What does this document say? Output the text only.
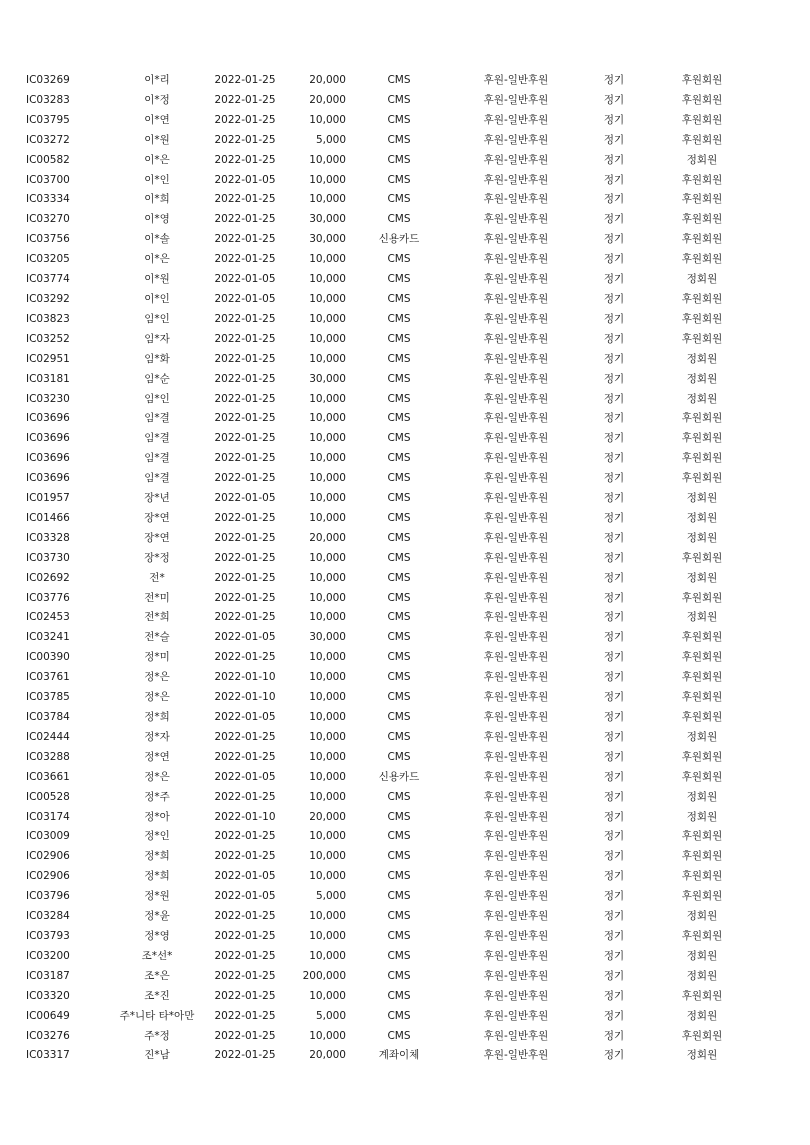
IC03269	이*리	2022-01-25	20,000	CMS	후원-일반후원	정기	후원회원
IC03283	이*정	2022-01-25	20,000	CMS	후원-일반후원	정기	후원회원
IC03795	이*연	2022-01-25	10,000	CMS	후원-일반후원	정기	후원회원
IC03272	이*원	2022-01-25	5,000	CMS	후원-일반후원	정기	후원회원
IC00582	이*은	2022-01-25	10,000	CMS	후원-일반후원	정기	정회원
IC03700	이*인	2022-01-05	10,000	CMS	후원-일반후원	정기	후원회원
IC03334	이*희	2022-01-25	10,000	CMS	후원-일반후원	정기	후원회원
IC03270	이*영	2022-01-25	30,000	CMS	후원-일반후원	정기	후원회원
IC03756	이*솔	2022-01-25	30,000	신용카드	후원-일반후원	정기	후원회원
IC03205	이*은	2022-01-25	10,000	CMS	후원-일반후원	정기	후원회원
IC03774	이*원	2022-01-05	10,000	CMS	후원-일반후원	정기	정회원
IC03292	이*인	2022-01-05	10,000	CMS	후원-일반후원	정기	후원회원
IC03823	임*인	2022-01-25	10,000	CMS	후원-일반후원	정기	후원회원
IC03252	임*자	2022-01-25	10,000	CMS	후원-일반후원	정기	후원회원
IC02951	임*화	2022-01-25	10,000	CMS	후원-일반후원	정기	정회원
IC03181	임*순	2022-01-25	30,000	CMS	후원-일반후원	정기	정회원
IC03230	임*인	2022-01-25	10,000	CMS	후원-일반후원	정기	정회원
IC03696	임*결	2022-01-25	10,000	CMS	후원-일반후원	정기	후원회원
IC03696	임*결	2022-01-25	10,000	CMS	후원-일반후원	정기	후원회원
IC03696	임*결	2022-01-25	10,000	CMS	후원-일반후원	정기	후원회원
IC03696	임*결	2022-01-25	10,000	CMS	후원-일반후원	정기	후원회원
IC01957	장*년	2022-01-05	10,000	CMS	후원-일반후원	정기	정회원
IC01466	장*연	2022-01-25	10,000	CMS	후원-일반후원	정기	정회원
IC03328	장*연	2022-01-25	20,000	CMS	후원-일반후원	정기	정회원
IC03730	장*정	2022-01-25	10,000	CMS	후원-일반후원	정기	후원회원
IC02692	전*	2022-01-25	10,000	CMS	후원-일반후원	정기	정회원
IC03776	전*미	2022-01-25	10,000	CMS	후원-일반후원	정기	후원회원
IC02453	전*희	2022-01-25	10,000	CMS	후원-일반후원	정기	정회원
IC03241	전*슬	2022-01-05	30,000	CMS	후원-일반후원	정기	후원회원
IC00390	정*미	2022-01-25	10,000	CMS	후원-일반후원	정기	후원회원
IC03761	정*은	2022-01-10	10,000	CMS	후원-일반후원	정기	후원회원
IC03785	정*은	2022-01-10	10,000	CMS	후원-일반후원	정기	후원회원
IC03784	정*희	2022-01-05	10,000	CMS	후원-일반후원	정기	후원회원
IC02444	정*자	2022-01-25	10,000	CMS	후원-일반후원	정기	정회원
IC03288	정*연	2022-01-25	10,000	CMS	후원-일반후원	정기	후원회원
IC03661	정*은	2022-01-05	10,000	신용카드	후원-일반후원	정기	후원회원
IC00528	정*주	2022-01-25	10,000	CMS	후원-일반후원	정기	정회원
IC03174	정*아	2022-01-10	20,000	CMS	후원-일반후원	정기	정회원
IC03009	정*인	2022-01-25	10,000	CMS	후원-일반후원	정기	후원회원
IC02906	정*희	2022-01-25	10,000	CMS	후원-일반후원	정기	후원회원
IC02906	정*희	2022-01-05	10,000	CMS	후원-일반후원	정기	후원회원
IC03796	정*원	2022-01-05	5,000	CMS	후원-일반후원	정기	후원회원
IC03284	정*윤	2022-01-25	10,000	CMS	후원-일반후원	정기	정회원
IC03793	정*영	2022-01-25	10,000	CMS	후원-일반후원	정기	후원회원
IC03200	조*선*	2022-01-25	10,000	CMS	후원-일반후원	정기	정회원
IC03187	조*은	2022-01-25	200,000	CMS	후원-일반후원	정기	정회원
IC03320	조*진	2022-01-25	10,000	CMS	후원-일반후원	정기	후원회원
IC00649	주*니타 타*아만	2022-01-25	5,000	CMS	후원-일반후원	정기	정회원
IC03276	주*정	2022-01-25	10,000	CMS	후원-일반후원	정기	후원회원
IC03317	진*남	2022-01-25	20,000	계좌이체	후원-일반후원	정기	정회원
